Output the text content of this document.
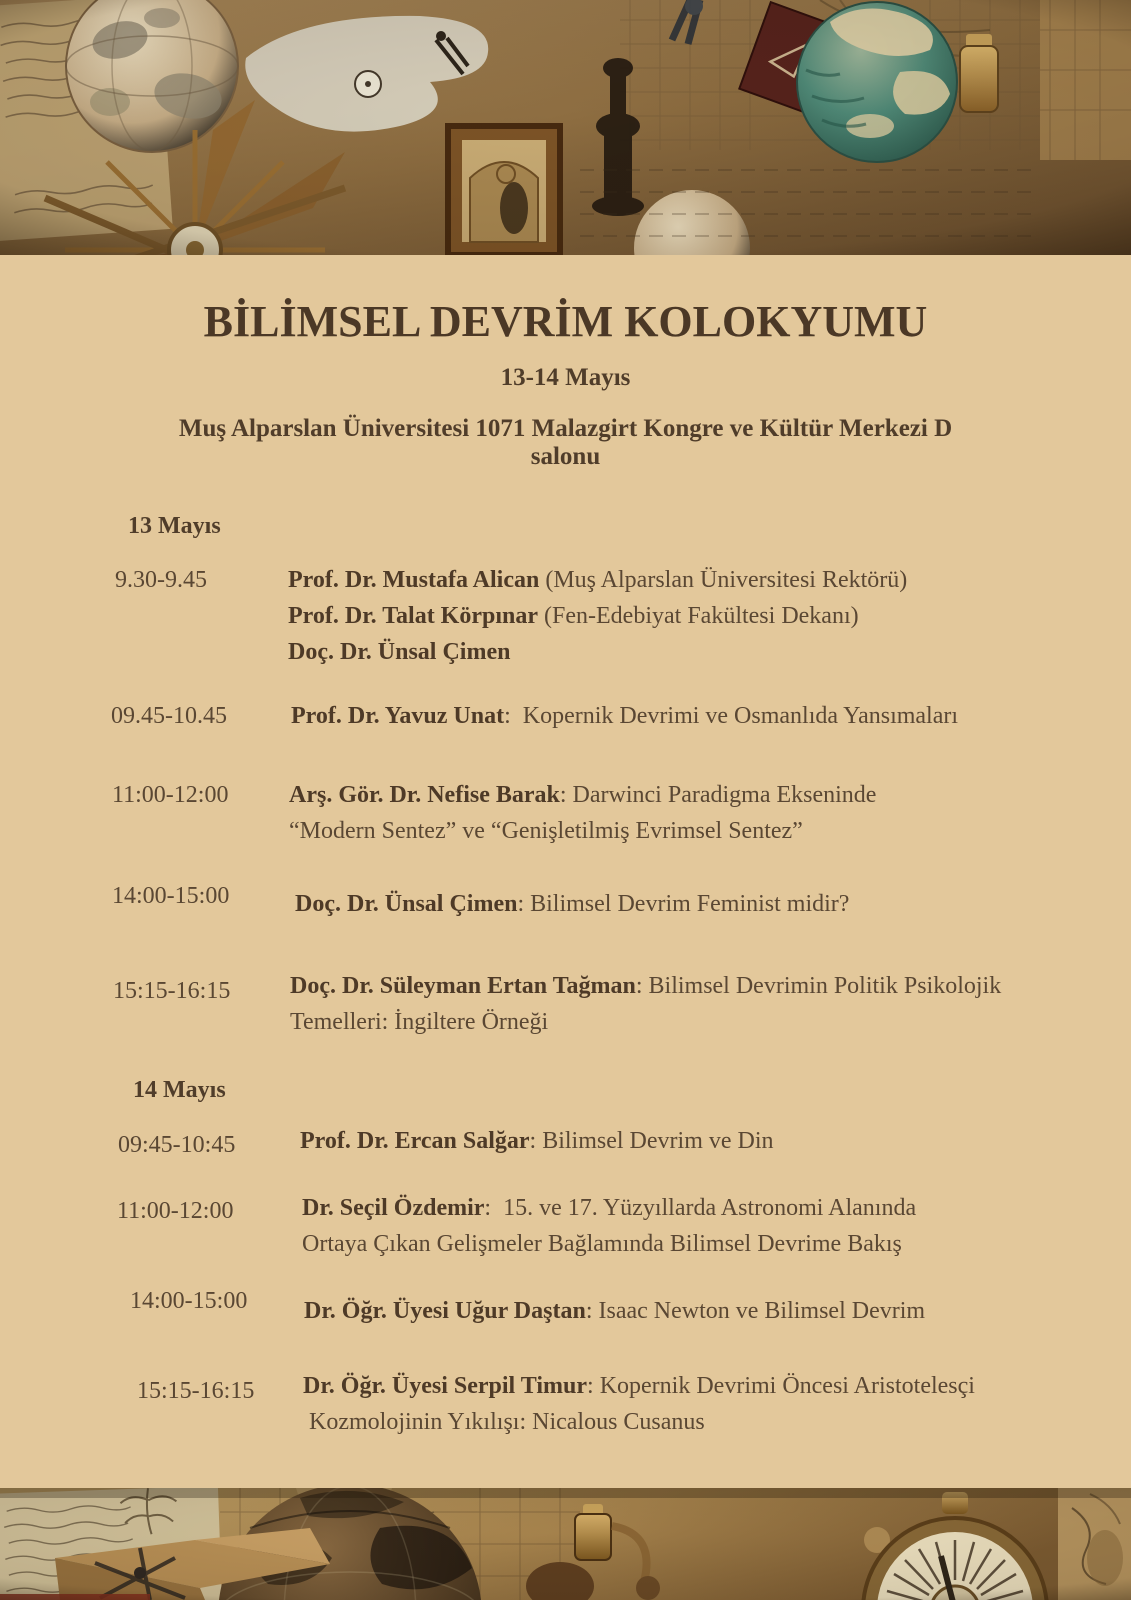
BİLİMSEL DEVRİM KOLOKYUMU
13-14 Mayıs
Muş Alparslan Üniversitesi 1071 Malazgirt Kongre ve Kültür Merkezi D
salonu
13 Mayıs
9.30-9.45	Prof. Dr. Mustafa Alican (Muş Alparslan Üniversitesi Rektörü)
Prof. Dr. Talat Körpınar (Fen-Edebiyat Fakültesi Dekanı)
Doç. Dr. Ünsal Çimen
09.45-10.45	Prof. Dr. Yavuz Unat:  Kopernik Devrimi ve Osmanlıda Yansımaları
11:00-12:00	Arş. Gör. Dr. Nefise Barak: Darwinci Paradigma Ekseninde
“Modern Sentez” ve “Genişletilmiş Evrimsel Sentez”
14:00-15:00	Doç. Dr. Ünsal Çimen: Bilimsel Devrim Feminist midir?
15:15-16:15 Doç. Dr. Süleyman Ertan Tağman: Bilimsel Devrimin Politik Psikolojik
Temelleri: İngiltere Örneği
14 Mayıs
09:45-10:45	Prof. Dr. Ercan Salğar: Bilimsel Devrim ve Din
11:00-12:00	Dr. Seçil Özdemir:  15. ve 17. Yüzyıllarda Astronomi Alanında
Ortaya Çıkan Gelişmeler Bağlamında Bilimsel Devrime Bakış
14:00-15:00 Dr. Öğr. Üyesi Uğur Daştan: Isaac Newton ve Bilimsel Devrim
15:15-16:15 Dr. Öğr. Üyesi Serpil Timur: Kopernik Devrimi Öncesi Aristotelesçi
Kozmolojinin Yıkılışı: Nicalous Cusanus
